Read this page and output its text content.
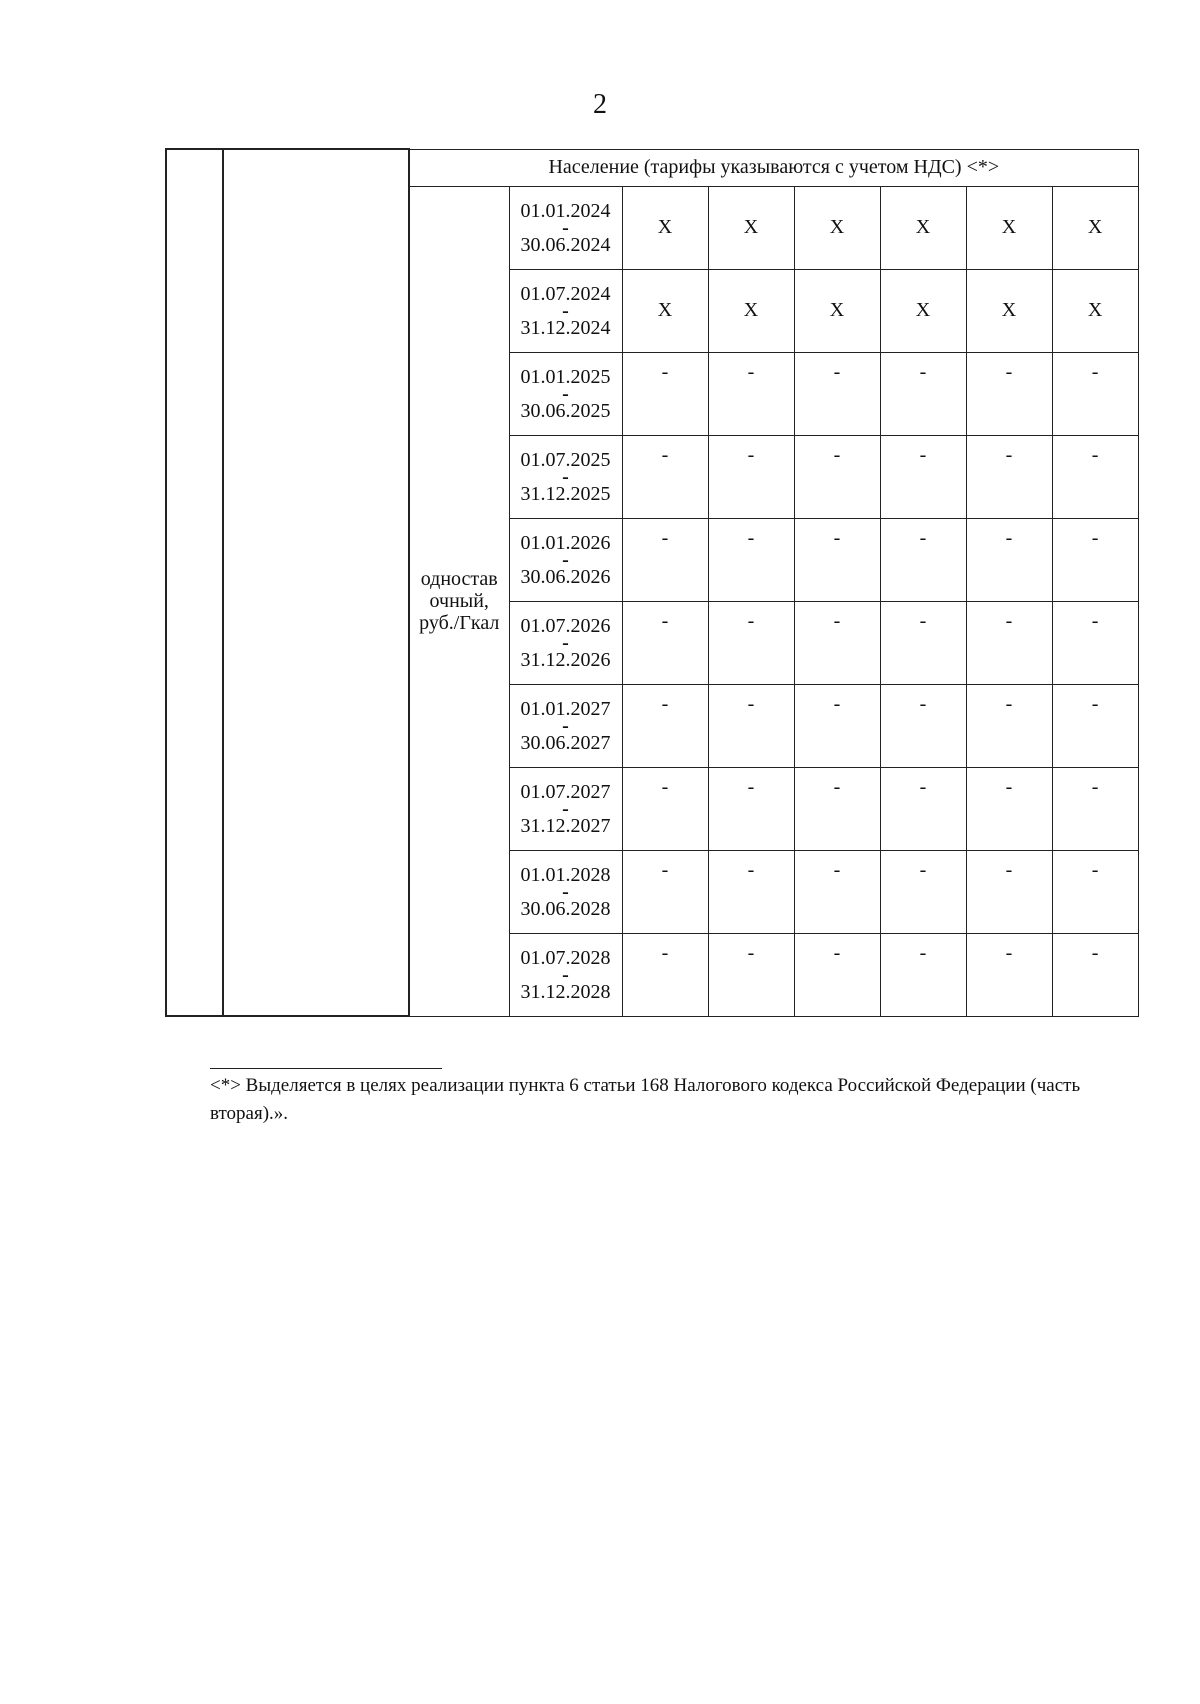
2
		Население (тарифы указываются с учетом НДС) <*>							
		одностав очный, руб./Гкал	01.01.2024
-
30.06.2024	X	X	X	X	X	X

			01.07.2024
-
31.12.2024	X	X	X	X	X	X

			01.01.2025
-
30.06.2025	-	-	-	-	-	-

			01.07.2025
-
31.12.2025	-	-	-	-	-	-

			01.01.2026
-
30.06.2026	-	-	-	-	-	-

			01.07.2026
-
31.12.2026	-	-	-	-	-	-

			01.01.2027
-
30.06.2027	-	-	-	-	-	-

			01.07.2027
-
31.12.2027	-	-	-	-	-	-

			01.01.2028
-
30.06.2028	-	-	-	-	-	-

			01.07.2028
-
31.12.2028	-	-	-	-	-	-
<*> Выделяется в целях реализации пункта 6 статьи 168 Налогового кодекса Российской Федерации (часть вторая).».
